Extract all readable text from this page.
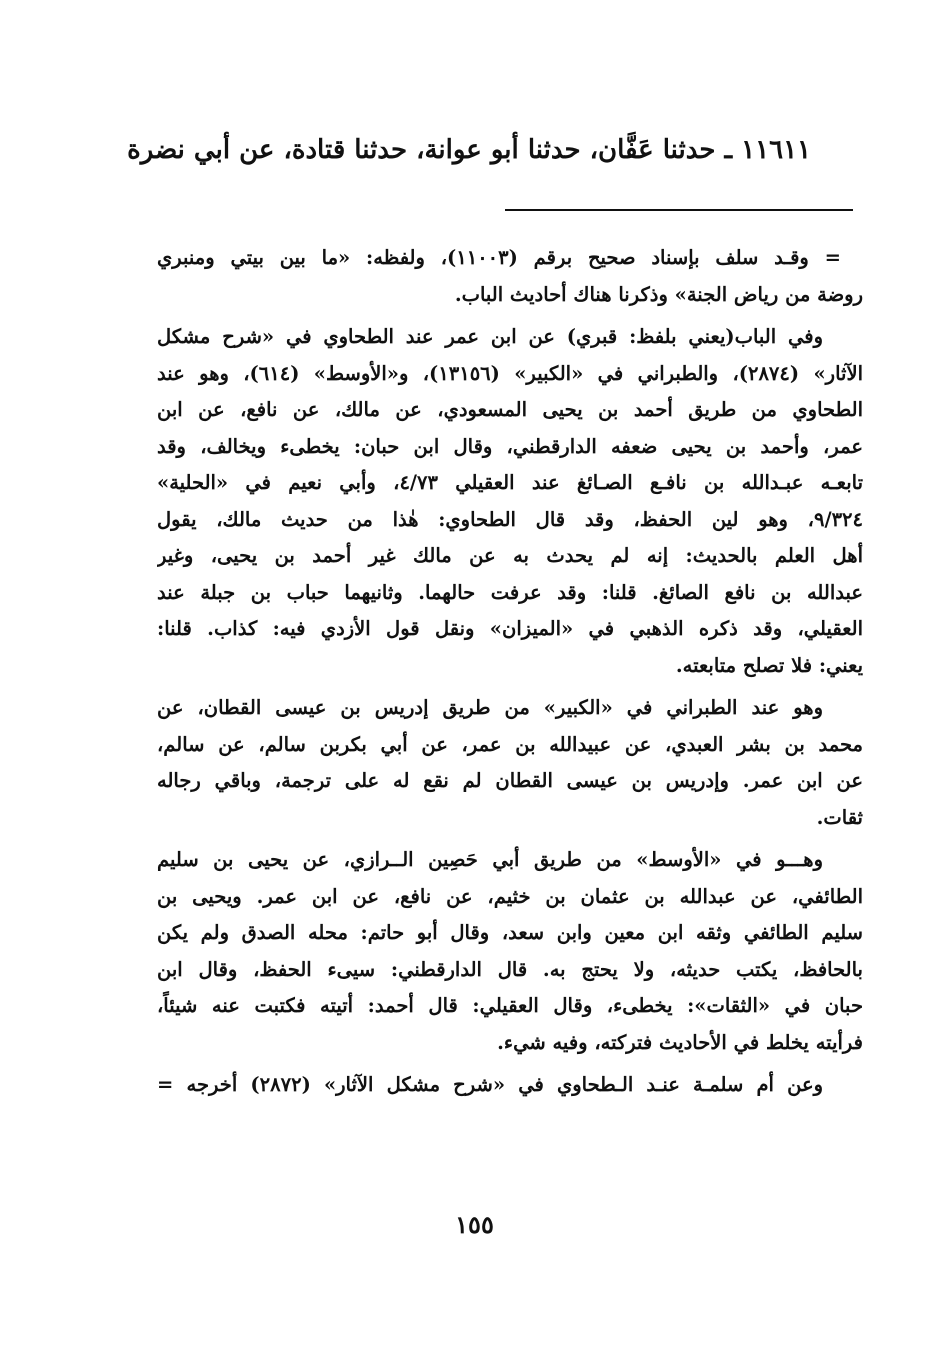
١١٦١١ ـ حدثنا عَفَّان، حدثنا أبو عوانة، حدثنا قتادة، عن أبي نضرة
= وقـد سلف بإسناد صحيح برقم (١١٠٠٣)، ولفظه: «ما بين بيتي ومنبري
روضة من رياض الجنة» وذكرنا هناك أحاديث الباب.
وفي الباب(يعني بلفظ: قبري) عن ابن عمر عند الطحاوي في «شرح مشكل
الآثار» (٢٨٧٤)، والطبراني في «الكبير» (١٣١٥٦)، و«الأوسط» (٦١٤)، وهو عند
الطحاوي من طريق أحمد بن يحيى المسعودي، عن مالك، عن نافع، عن ابن
عمر، وأحمد بن يحيى ضعفه الدارقطني، وقال ابن حبان: يخطىء ويخالف، وقد
تابعـه عبـدالله بن نافـع الصـائغ عند العقيلي ٤/٧٣، وأبي نعيم في «الحلية»
٩/٣٢٤، وهو لين الحفظ، وقد قال الطحاوي: هٰذا من حديث مالك، يقول
أهل العلم بالحديث: إنه لم يحدث به عن مالك غير أحمد بن يحيى، وغير
عبدالله بن نافع الصائغ. قلنا: وقد عرفت حالهما. وثانيهما حباب بن جبلة عند
العقيلي، وقد ذكره الذهبي في «الميزان» ونقل قول الأزدي فيه: كذاب. قلنا:
يعني: فلا تصلح متابعته.
وهو عند الطبراني في «الكبير» من طريق إدريس بن عيسى القطان، عن
محمد بن بشر العبدي، عن عبيدالله بن عمر، عن أبي بكربن سالم، عن سالم،
عن ابن عمر. وإدريس بن عيسى القطان لم نقع له على ترجمة، وباقي رجاله
ثقات.
وهـــو في «الأوسط» من طريق أبي حَصِين الــرازي، عن يحيى بن سليم
الطائفي، عن عبدالله بن عثمان بن خثيم، عن نافع، عن ابن عمر. ويحيى بن
سليم الطائفي وثقه ابن معين وابن سعد، وقال أبو حاتم: محله الصدق ولم يكن
بالحافظ، يكتب حديثه، ولا يحتج به. قال الدارقطني: سيىء الحفظ، وقال ابن
حبان في «الثقات»: يخطىء، وقال العقيلي: قال أحمد: أتيته فكتبت عنه شيئاً،
فرأيته يخلط في الأحاديث فتركته، وفيه شيء.
وعن أم سلمـة عنـد الـطحاوي في «شرح مشكل الآثار» (٢٨٧٢) أخرجه =
١٥٥
